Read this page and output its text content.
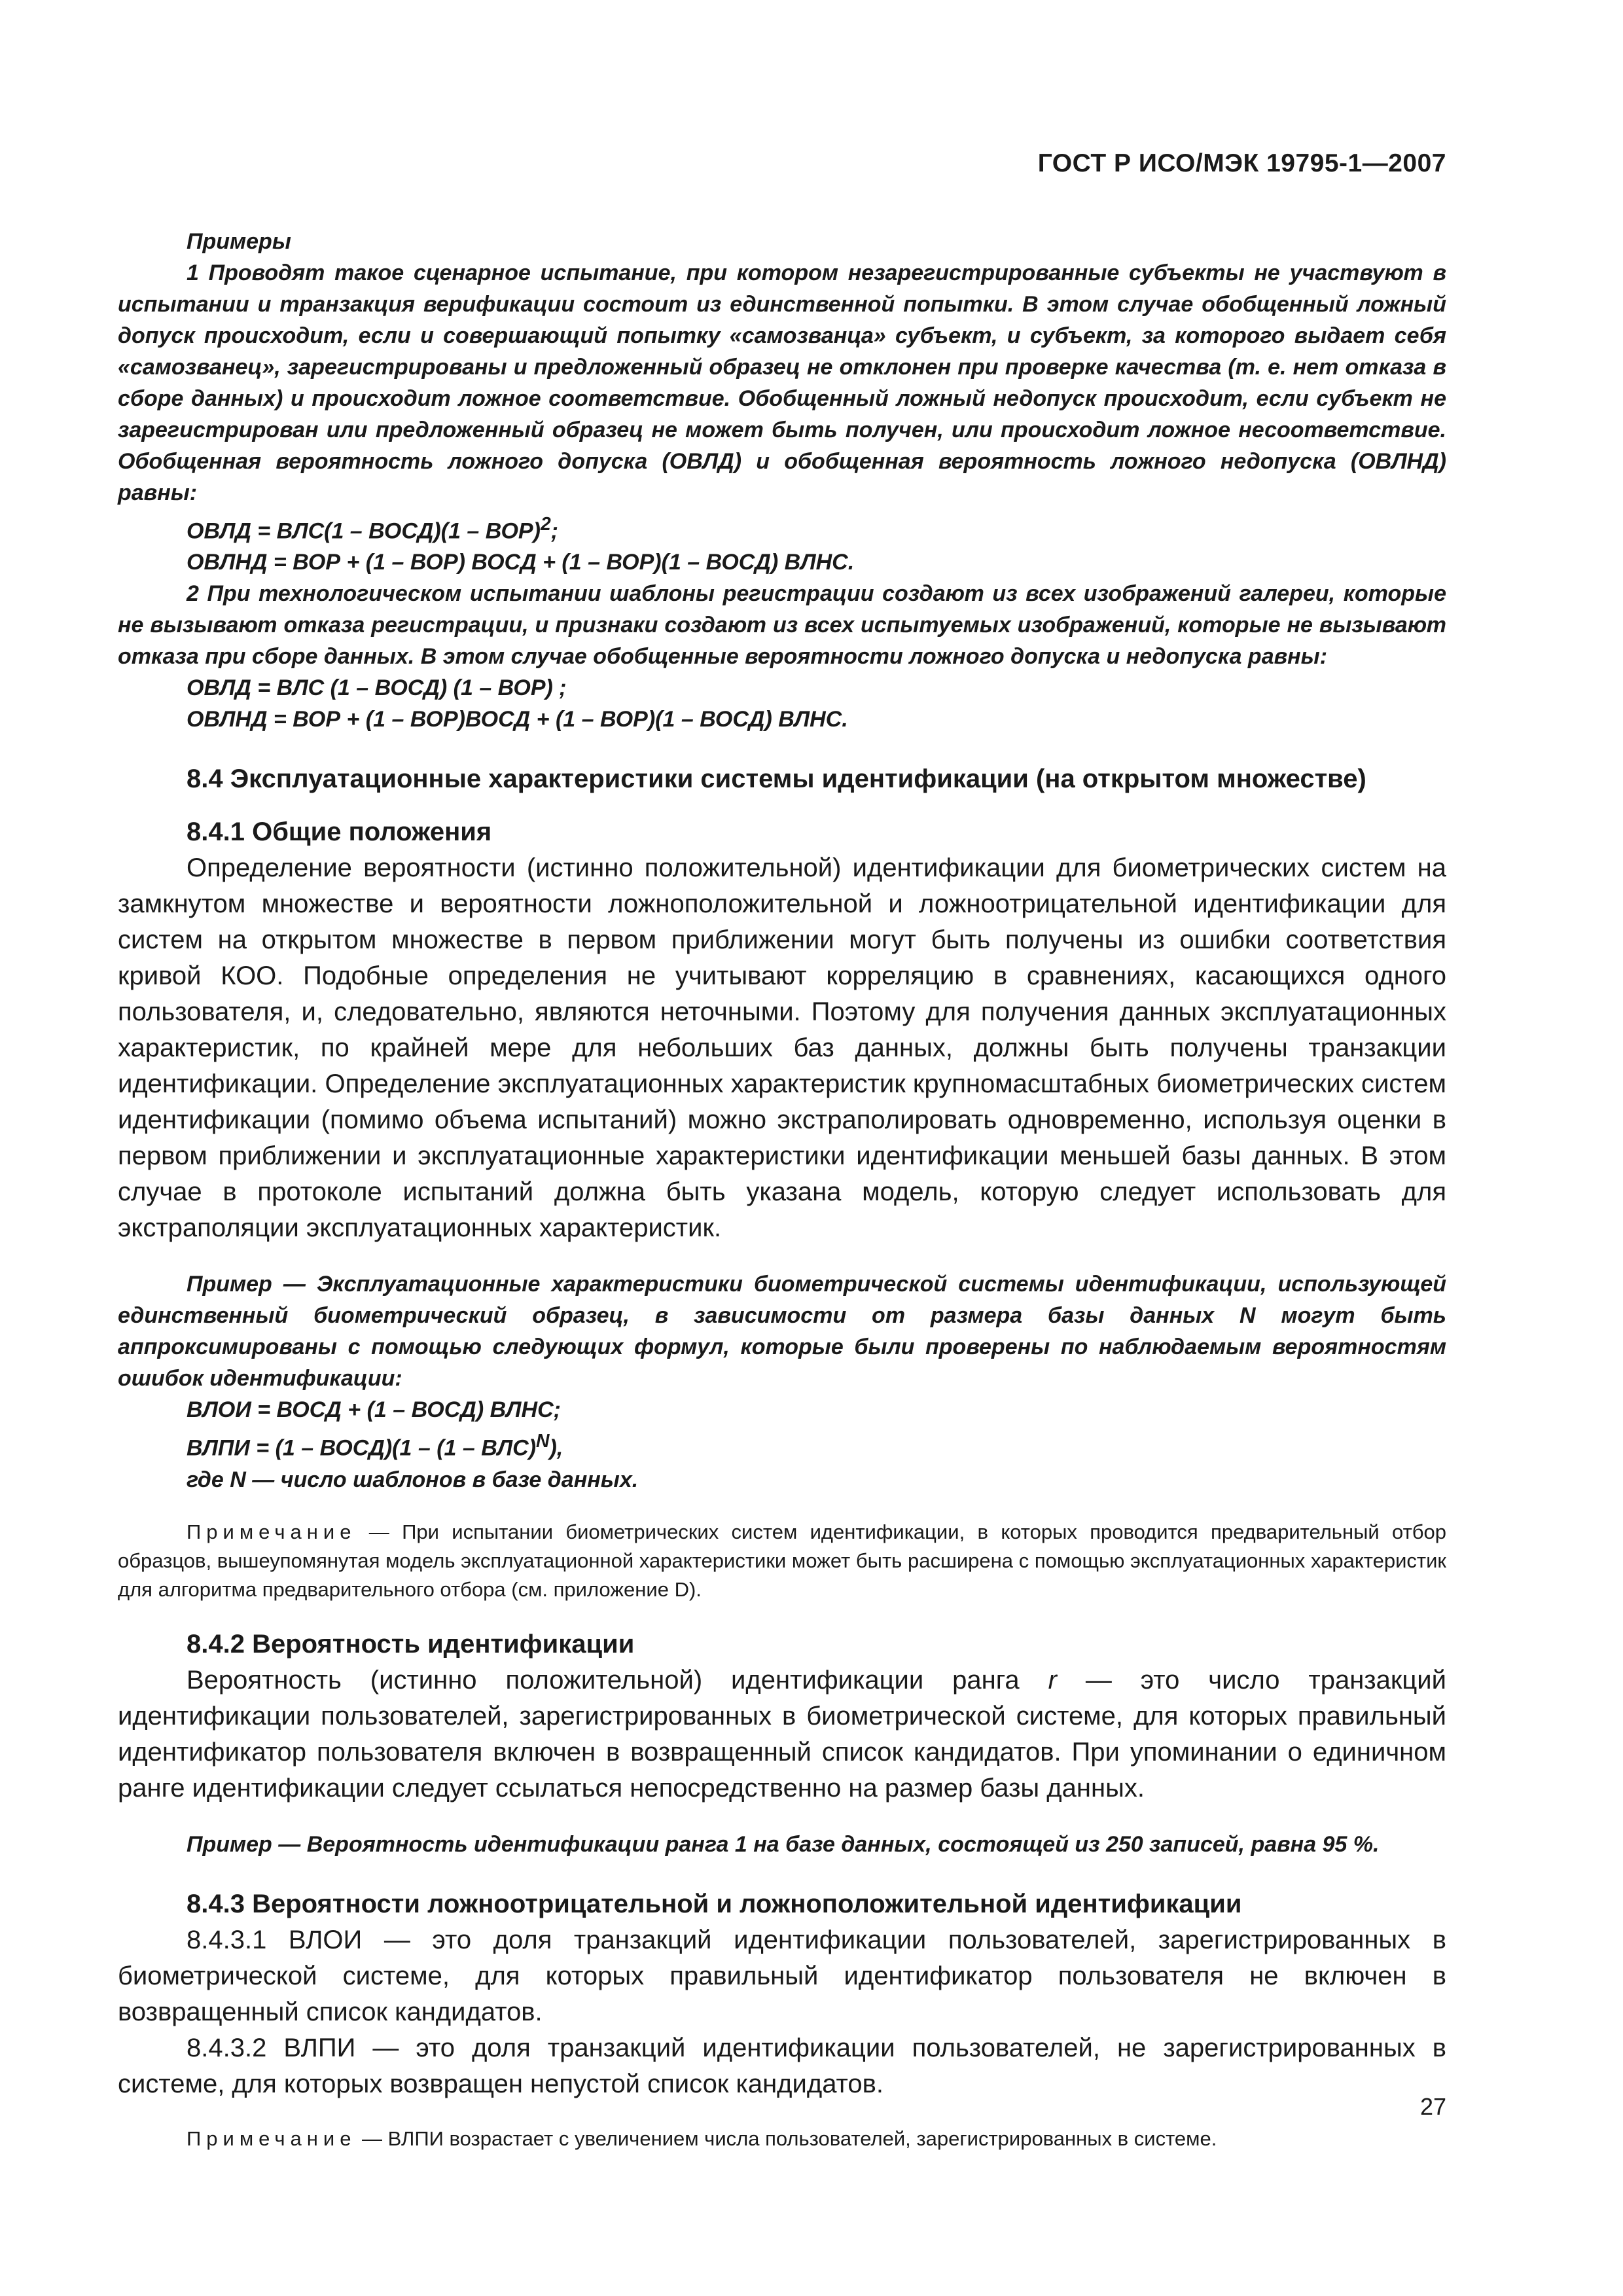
ГОСТ Р ИСО/МЭК 19795-1—2007

Примеры

1 Проводят такое сценарное испытание, при котором незарегистрированные субъекты не участвуют в испытании и транзакция верификации состоит из единственной попытки. В этом случае обобщенный ложный допуск происходит, если и совершающий попытку «самозванца» субъект, и субъект, за которого выдает себя «самозванец», зарегистрированы и предложенный образец не отклонен при проверке качества (т. е. нет отказа в сборе данных) и происходит ложное соответствие. Обобщенный ложный недопуск происходит, если субъект не зарегистрирован или предложенный образец не может быть получен, или происходит ложное несоответствие. Обобщенная вероятность ложного допуска (ОВЛД) и обобщенная вероятность ложного недопуска (ОВЛНД) равны:

ОВЛД = ВЛС(1 – ВОСД)(1 – ВОР)$^2$;

ОВЛНД = ВОР + (1 – ВОР) ВОСД + (1 – ВОР)(1 – ВОСД) ВЛНС.

2 При технологическом испытании шаблоны регистрации создают из всех изображений галереи, которые не вызывают отказа регистрации, и признаки создают из всех испытуемых изображений, которые не вызывают отказа при сборе данных. В этом случае обобщенные вероятности ложного допуска и недопуска равны:

ОВЛД = ВЛС (1 – ВОСД) (1 – ВОР) ;

ОВЛНД = ВОР + (1 – ВОР)ВОСД + (1 – ВОР)(1 – ВОСД) ВЛНС.

8.4 Эксплуатационные характеристики системы идентификации (на открытом множестве)
8.4.1 Общие положения

Определение вероятности (истинно положительной) идентификации для биометрических систем на замкнутом множестве и вероятности ложноположительной и ложноотрицательной идентификации для систем на открытом множестве в первом приближении могут быть получены из ошибки соответствия кривой КОО. Подобные определения не учитывают корреляцию в сравнениях, касающихся одного пользователя, и, следовательно, являются неточными. Поэтому для получения данных эксплуатационных характеристик, по крайней мере для небольших баз данных, должны быть получены транзакции идентификации. Определение эксплуатационных характеристик крупномасштабных биометрических систем идентификации (помимо объема испытаний) можно экстраполировать одновременно, используя оценки в первом приближении и эксплуатационные характеристики идентификации меньшей базы данных. В этом случае в протоколе испытаний должна быть указана модель, которую следует использовать для экстраполяции эксплуатационных характеристик.

Пример — Эксплуатационные характеристики биометрической системы идентификации, использующей единственный биометрический образец, в зависимости от размера базы данных N могут быть аппроксимированы с помощью следующих формул, которые были проверены по наблюдаемым вероятностям ошибок идентификации:

ВЛОИ = ВОСД + (1 – ВОСД) ВЛНС;

ВЛПИ = (1 – ВОСД)(1 – (1 – ВЛС)$^N$),

где N — число шаблонов в базе данных.

Примечание — При испытании биометрических систем идентификации, в которых проводится предварительный отбор образцов, вышеупомянутая модель эксплуатационной характеристики может быть расширена с помощью эксплуатационных характеристик для алгоритма предварительного отбора (см. приложение D).

8.4.2 Вероятность идентификации

Вероятность (истинно положительной) идентификации ранга r — это число транзакций идентификации пользователей, зарегистрированных в биометрической системе, для которых правильный идентификатор пользователя включен в возвращенный список кандидатов. При упоминании о единичном ранге идентификации следует ссылаться непосредственно на размер базы данных.

Пример — Вероятность идентификации ранга 1 на базе данных, состоящей из 250 записей, равна 95 %.

8.4.3 Вероятности ложноотрицательной и ложноположительной идентификации

8.4.3.1 ВЛОИ — это доля транзакций идентификации пользователей, зарегистрированных в биометрической системе, для которых правильный идентификатор пользователя не включен в возвращенный список кандидатов.

8.4.3.2 ВЛПИ — это доля транзакций идентификации пользователей, не зарегистрированных в системе, для которых возвращен непустой список кандидатов.

Примечание — ВЛПИ возрастает с увеличением числа пользователей, зарегистрированных в системе.

27
